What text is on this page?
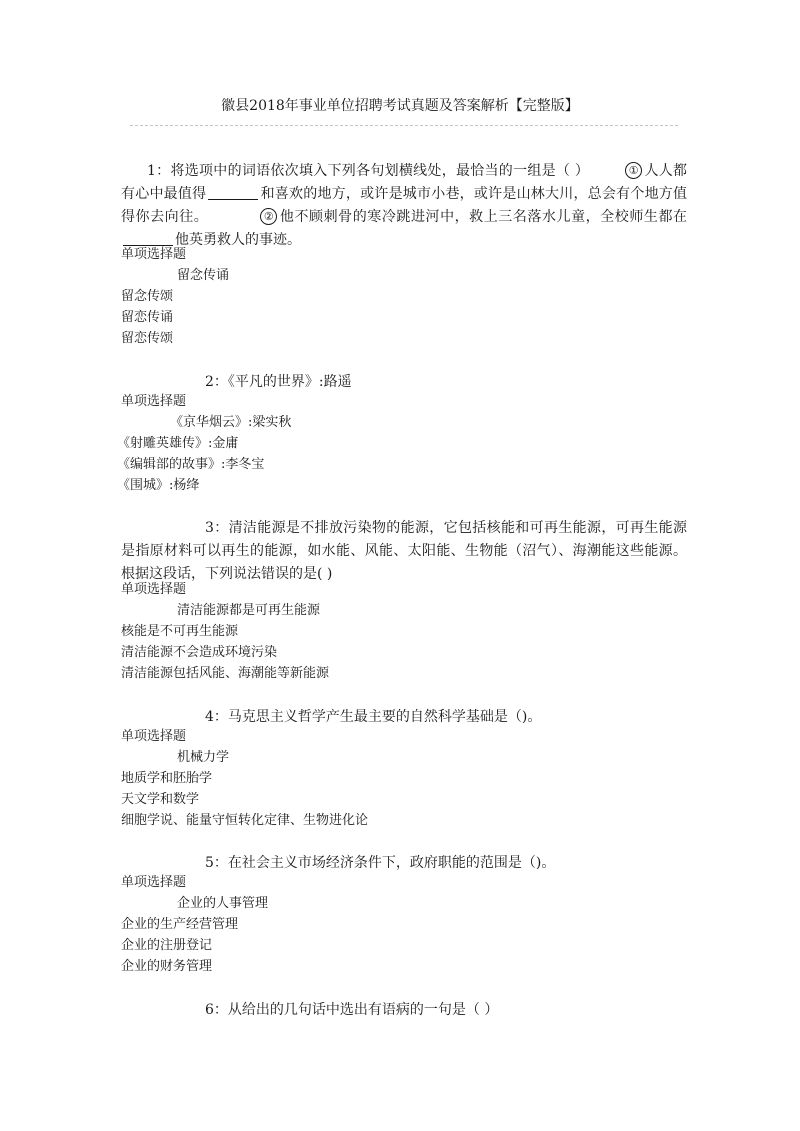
徽县2018年事业单位招聘考试真题及答案解析【完整版】
1：将选项中的词语依次填入下列各句划横线处，最恰当的一组是（ ）	① 人人都有心中最值得	和喜欢的地方，或许是城市小巷，或许是山林大川，总会有个地方值得你去向往。	② 他不顾刺骨的寒冷跳进河中，救上三名落水儿童，全校师生都在他英勇救人的事迹。
单项选择题
留念传诵
留念传颂
留恋传诵
留恋传颂
2：《平凡的世界》:路遥
单项选择题
《京华烟云》:梁实秋
《射雕英雄传》:金庸
《编辑部的故事》:李冬宝
《围城》:杨绛
3：清洁能源是不排放污染物的能源，它包括核能和可再生能源，可再生能源是指原材料可以再生的能源，如水能、风能、太阳能、生物能（沼气）、海潮能这些能源。根据这段话，下列说法错误的是( )
单项选择题
清洁能源都是可再生能源
核能是不可再生能源
清洁能源不会造成环境污染
清洁能源包括风能、海潮能等新能源
4：马克思主义哲学产生最主要的自然科学基础是（)。
单项选择题
机械力学
地质学和胚胎学
天文学和数学
细胞学说、能量守恒转化定律、生物进化论
5：在社会主义市场经济条件下，政府职能的范围是（)。
单项选择题
企业的人事管理
企业的生产经营管理
企业的注册登记
企业的财务管理
6：从给出的几句话中选出有语病的一句是（ ）
